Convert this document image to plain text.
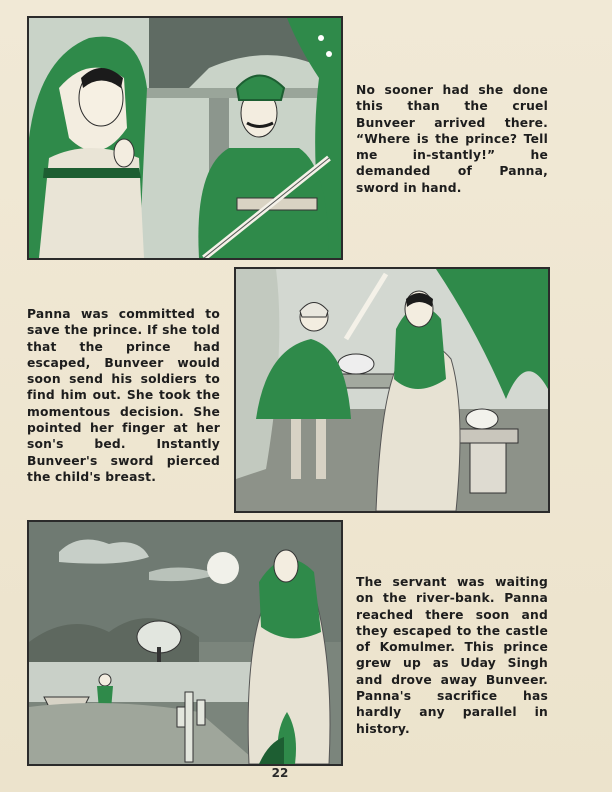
No sooner had she done this than the cruel Bunveer arrived there. “Where is the prince? Tell me in-stantly!” he demanded of Panna, sword in hand.
Panna was committed to save the prince. If she told that the prince had escaped, Bunveer would soon send his soldiers to find him out. She took the momentous decision. She pointed her finger at her son's bed. Instantly Bunveer's sword pierced the child's breast.
The servant was waiting on the river-bank. Panna reached there soon and they escaped to the castle of Komulmer. This prince grew up as Uday Singh and drove away Bunveer. Panna's sacrifice has hardly any parallel in history.
22
